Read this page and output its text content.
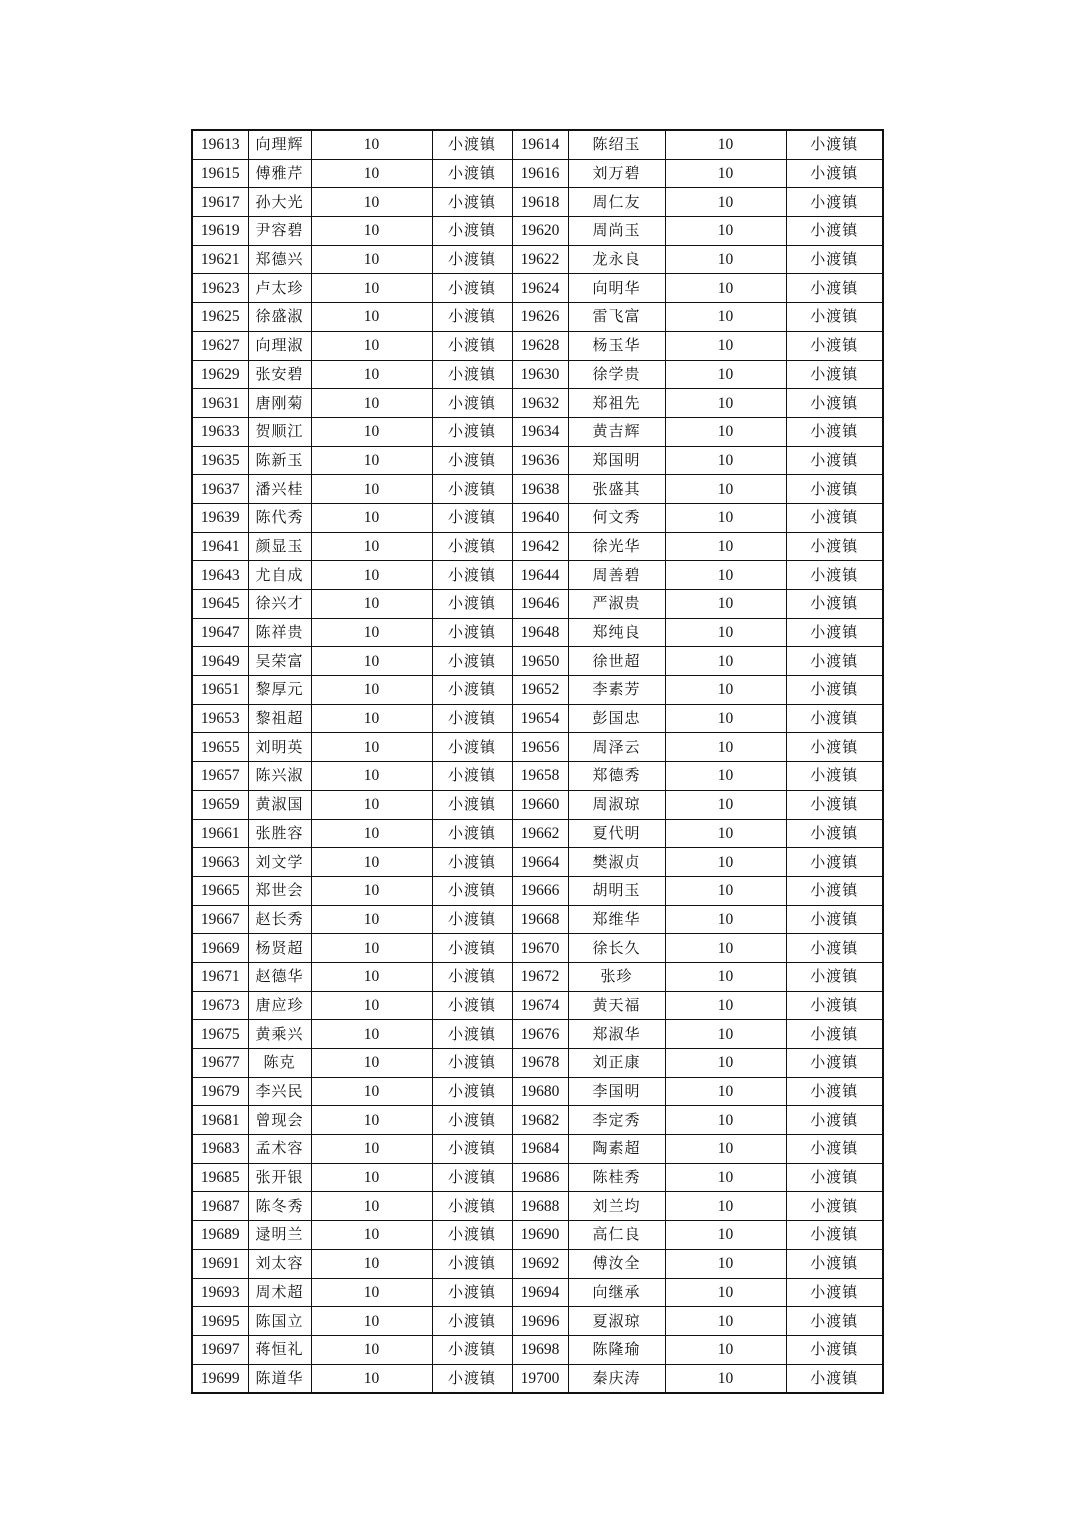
19613	向理辉	10	小渡镇	19614	陈绍玉	10	小渡镇
19615	傅雅芹	10	小渡镇	19616	刘万碧	10	小渡镇
19617	孙大光	10	小渡镇	19618	周仁友	10	小渡镇
19619	尹容碧	10	小渡镇	19620	周尚玉	10	小渡镇
19621	郑德兴	10	小渡镇	19622	龙永良	10	小渡镇
19623	卢太珍	10	小渡镇	19624	向明华	10	小渡镇
19625	徐盛淑	10	小渡镇	19626	雷飞富	10	小渡镇
19627	向理淑	10	小渡镇	19628	杨玉华	10	小渡镇
19629	张安碧	10	小渡镇	19630	徐学贵	10	小渡镇
19631	唐刚菊	10	小渡镇	19632	郑祖先	10	小渡镇
19633	贺顺江	10	小渡镇	19634	黄吉辉	10	小渡镇
19635	陈新玉	10	小渡镇	19636	郑国明	10	小渡镇
19637	潘兴桂	10	小渡镇	19638	张盛其	10	小渡镇
19639	陈代秀	10	小渡镇	19640	何文秀	10	小渡镇
19641	颜显玉	10	小渡镇	19642	徐光华	10	小渡镇
19643	尤自成	10	小渡镇	19644	周善碧	10	小渡镇
19645	徐兴才	10	小渡镇	19646	严淑贵	10	小渡镇
19647	陈祥贵	10	小渡镇	19648	郑纯良	10	小渡镇
19649	吴荣富	10	小渡镇	19650	徐世超	10	小渡镇
19651	黎厚元	10	小渡镇	19652	李素芳	10	小渡镇
19653	黎祖超	10	小渡镇	19654	彭国忠	10	小渡镇
19655	刘明英	10	小渡镇	19656	周泽云	10	小渡镇
19657	陈兴淑	10	小渡镇	19658	郑德秀	10	小渡镇
19659	黄淑国	10	小渡镇	19660	周淑琼	10	小渡镇
19661	张胜容	10	小渡镇	19662	夏代明	10	小渡镇
19663	刘文学	10	小渡镇	19664	樊淑贞	10	小渡镇
19665	郑世会	10	小渡镇	19666	胡明玉	10	小渡镇
19667	赵长秀	10	小渡镇	19668	郑维华	10	小渡镇
19669	杨贤超	10	小渡镇	19670	徐长久	10	小渡镇
19671	赵德华	10	小渡镇	19672	张珍	10	小渡镇
19673	唐应珍	10	小渡镇	19674	黄天福	10	小渡镇
19675	黄乘兴	10	小渡镇	19676	郑淑华	10	小渡镇
19677	陈克	10	小渡镇	19678	刘正康	10	小渡镇
19679	李兴民	10	小渡镇	19680	李国明	10	小渡镇
19681	曾现会	10	小渡镇	19682	李定秀	10	小渡镇
19683	孟术容	10	小渡镇	19684	陶素超	10	小渡镇
19685	张开银	10	小渡镇	19686	陈桂秀	10	小渡镇
19687	陈冬秀	10	小渡镇	19688	刘兰均	10	小渡镇
19689	逯明兰	10	小渡镇	19690	高仁良	10	小渡镇
19691	刘太容	10	小渡镇	19692	傅汝全	10	小渡镇
19693	周术超	10	小渡镇	19694	向继承	10	小渡镇
19695	陈国立	10	小渡镇	19696	夏淑琼	10	小渡镇
19697	蒋恒礼	10	小渡镇	19698	陈隆瑜	10	小渡镇
19699	陈道华	10	小渡镇	19700	秦庆涛	10	小渡镇
